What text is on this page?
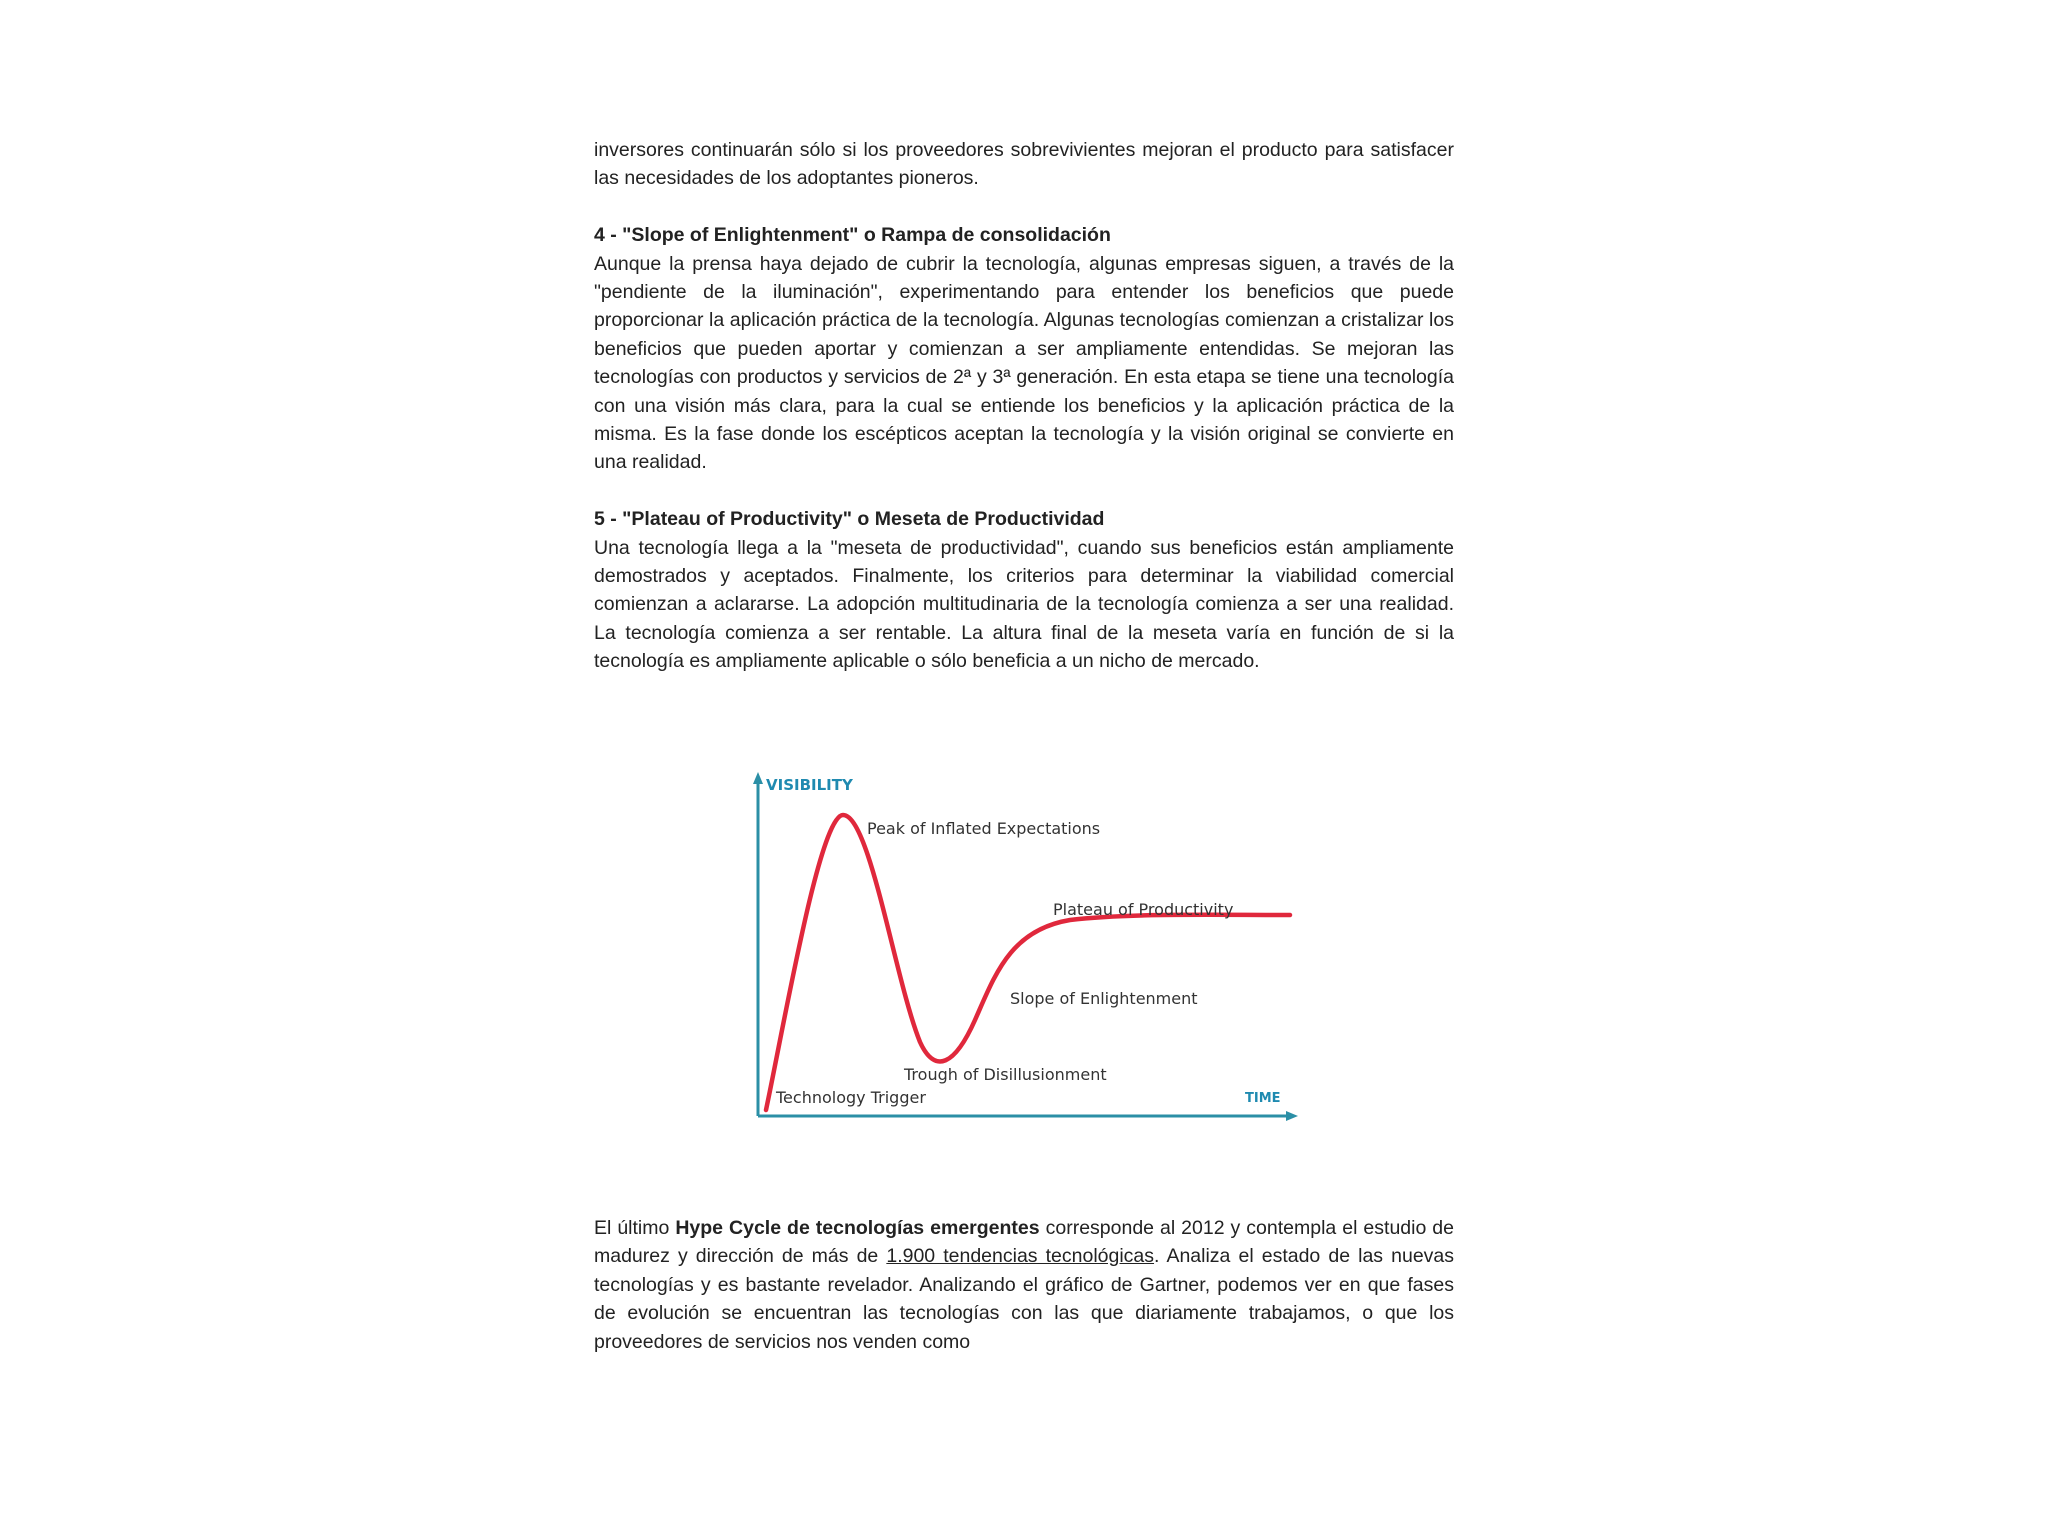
inversores continuarán sólo si los proveedores sobrevivientes mejoran el producto para satisfacer las necesidades de los adoptantes pioneros.

4 - "Slope of Enlightenment" o Rampa de consolidación

Aunque la prensa haya dejado de cubrir la tecnología, algunas empresas siguen, a través de la "pendiente de la iluminación", experimentando para entender los beneficios que puede proporcionar la aplicación práctica de la tecnología. Algunas tecnologías comienzan a cristalizar los beneficios que pueden aportar y comienzan a ser ampliamente entendidas. Se mejoran las tecnologías con productos y servicios de 2ª y 3ª generación. En esta etapa se tiene una tecnología con una visión más clara, para la cual se entiende los beneficios y la aplicación práctica de la misma. Es la fase donde los escépticos aceptan la tecnología y la visión original se convierte en una realidad.

5 - "Plateau of Productivity" o Meseta de Productividad

Una tecnología llega a la "meseta de productividad", cuando sus beneficios están ampliamente demostrados y aceptados. Finalmente, los criterios para determinar la viabilidad comercial comienzan a aclararse. La adopción multitudinaria de la tecnología comienza a ser una realidad. La tecnología comienza a ser rentable. La altura final de la meseta varía en función de si la tecnología es ampliamente aplicable o sólo beneficia a un nicho de mercado.

VISIBILITY
TIME
Peak of Inflated Expectations
Plateau of Productivity
Slope of Enlightenment
Trough of Disillusionment
Technology Trigger

El último Hype Cycle de tecnologías emergentes corresponde al 2012 y contempla el estudio de madurez y dirección de más de 1.900 tendencias tecnológicas. Analiza el estado de las nuevas tecnologías y es bastante revelador. Analizando el gráfico de Gartner, podemos ver en que fases de evolución se encuentran las tecnologías con las que diariamente trabajamos, o que los proveedores de servicios nos venden como
